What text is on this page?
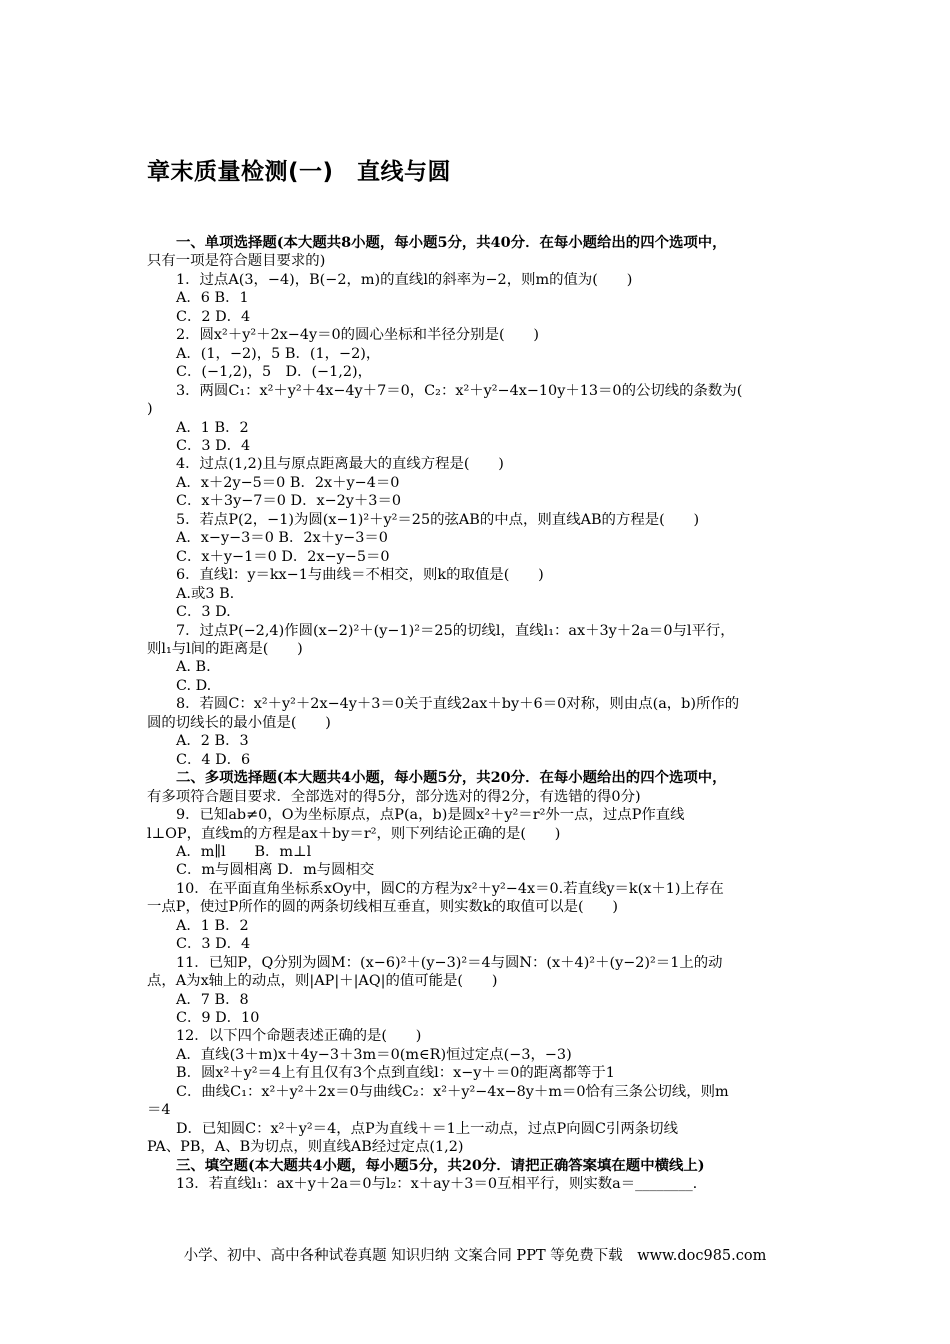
章末质量检测(一)　直线与圆
一、单项选择题(本大题共8小题，每小题5分，共40分．在每小题给出的四个选项中，
只有一项是符合题目要求的)
1．过点A(3，−4)，B(−2，m)的直线l的斜率为−2，则m的值为(　　)
A．6 B．1
C．2 D．4
2．圆x²＋y²＋2x−4y＝0的圆心坐标和半径分别是(　　)
A．(1，−2)，5 B．(1，−2)，
C．(−1,2)，5　D．(−1,2)，
3．两圆C₁：x²＋y²＋4x−4y＋7＝0，C₂：x²＋y²−4x−10y＋13＝0的公切线的条数为(
)
A．1 B．2
C．3 D．4
4．过点(1,2)且与原点距离最大的直线方程是(　　)
A．x＋2y−5＝0 B．2x＋y−4＝0
C．x＋3y−7＝0 D．x−2y＋3＝0
5．若点P(2，−1)为圆(x−1)²＋y²＝25的弦AB的中点，则直线AB的方程是(　　)
A．x−y−3＝0 B．2x＋y−3＝0
C．x＋y−1＝0 D．2x−y−5＝0
6．直线l：y＝kx−1与曲线＝不相交，则k的取值是(　　)
A.或3 B.
C．3 D.
7．过点P(−2,4)作圆(x−2)²＋(y−1)²＝25的切线l，直线l₁：ax＋3y＋2a＝0与l平行，
则l₁与l间的距离是(　　)
A. B.
C. D.
8．若圆C：x²＋y²＋2x−4y＋3＝0关于直线2ax＋by＋6＝0对称，则由点(a，b)所作的
圆的切线长的最小值是(　　)
A．2 B．3
C．4 D．6
二、多项选择题(本大题共4小题，每小题5分，共20分．在每小题给出的四个选项中，
有多项符合题目要求．全部选对的得5分，部分选对的得2分，有选错的得0分)
9．已知ab≠0，O为坐标原点，点P(a，b)是圆x²＋y²＝r²外一点，过点P作直线
l⊥OP，直线m的方程是ax＋by＝r²，则下列结论正确的是(　　)
A．m∥l　　B．m⊥l
C．m与圆相离 D．m与圆相交
10．在平面直角坐标系xOy中，圆C的方程为x²＋y²−4x＝0.若直线y＝k(x＋1)上存在
一点P，使过P所作的圆的两条切线相互垂直，则实数k的取值可以是(　　)
A．1 B．2
C．3 D．4
11．已知P，Q分别为圆M：(x−6)²＋(y−3)²＝4与圆N：(x＋4)²＋(y−2)²＝1上的动
点，A为x轴上的动点，则|AP|＋|AQ|的值可能是(　　)
A．7 B．8
C．9 D．10
12．以下四个命题表述正确的是(　　)
A．直线(3＋m)x＋4y−3＋3m＝0(m∈R)恒过定点(−3，−3)
B．圆x²＋y²＝4上有且仅有3个点到直线l：x−y＋＝0的距离都等于1
C．曲线C₁：x²＋y²＋2x＝0与曲线C₂：x²＋y²−4x−8y＋m＝0恰有三条公切线，则m
＝4
D．已知圆C：x²＋y²＝4，点P为直线＋＝1上一动点，过点P向圆C引两条切线
PA、PB，A、B为切点，则直线AB经过定点(1,2)
三、填空题(本大题共4小题，每小题5分，共20分．请把正确答案填在题中横线上)
13．若直线l₁：ax＋y＋2a＝0与l₂：x＋ay＋3＝0互相平行，则实数a＝________.
小学、初中、高中各种试卷真题 知识归纳 文案合同 PPT 等免费下载　www.doc985.com
